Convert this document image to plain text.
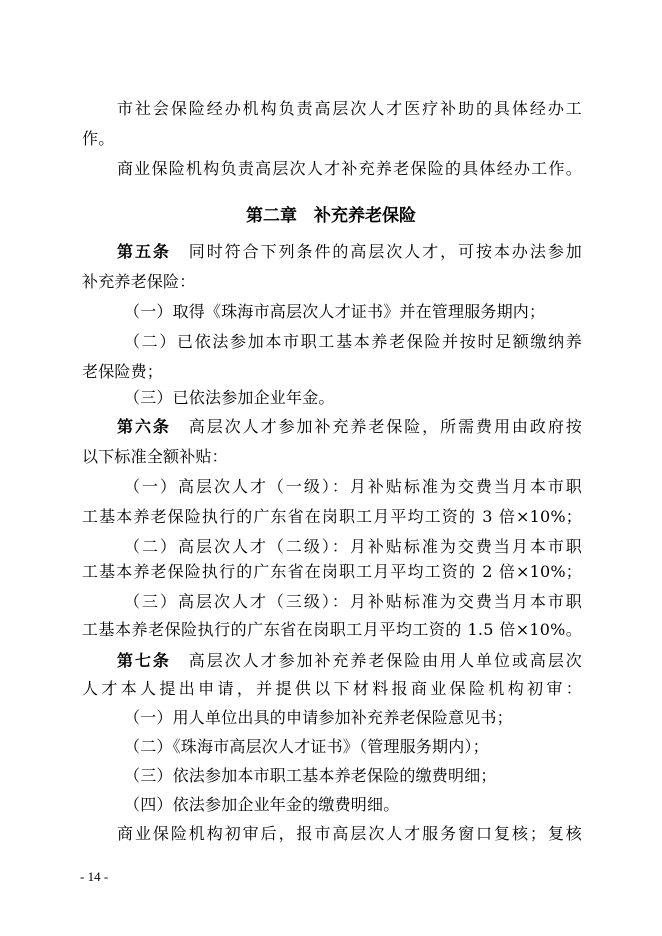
市社会保险经办机构负责高层次人才医疗补助的具体经办工
作。
商业保险机构负责高层次人才补充养老保险的具体经办工作。
第二章　补充养老保险
第五条　同时符合下列条件的高层次人才，可按本办法参加
补充养老保险：
（一）取得《珠海市高层次人才证书》并在管理服务期内；
（二）已依法参加本市职工基本养老保险并按时足额缴纳养
老保险费；
（三）已依法参加企业年金。
第六条　高层次人才参加补充养老保险，所需费用由政府按
以下标准全额补贴：
（一）高层次人才（一级）：月补贴标准为交费当月本市职
工基本养老保险执行的广东省在岗职工月平均工资的 3 倍×10%；
（二）高层次人才（二级）：月补贴标准为交费当月本市职
工基本养老保险执行的广东省在岗职工月平均工资的 2 倍×10%；
（三）高层次人才（三级）：月补贴标准为交费当月本市职
工基本养老保险执行的广东省在岗职工月平均工资的 1.5 倍×10%。
第七条　高层次人才参加补充养老保险由用人单位或高层次
人才本人提出申请，并提供以下材料报商业保险机构初审：
（一）用人单位出具的申请参加补充养老保险意见书；
（二）《珠海市高层次人才证书》（管理服务期内）；
（三）依法参加本市职工基本养老保险的缴费明细；
（四）依法参加企业年金的缴费明细。
商业保险机构初审后，报市高层次人才服务窗口复核；复核
- 14 -
